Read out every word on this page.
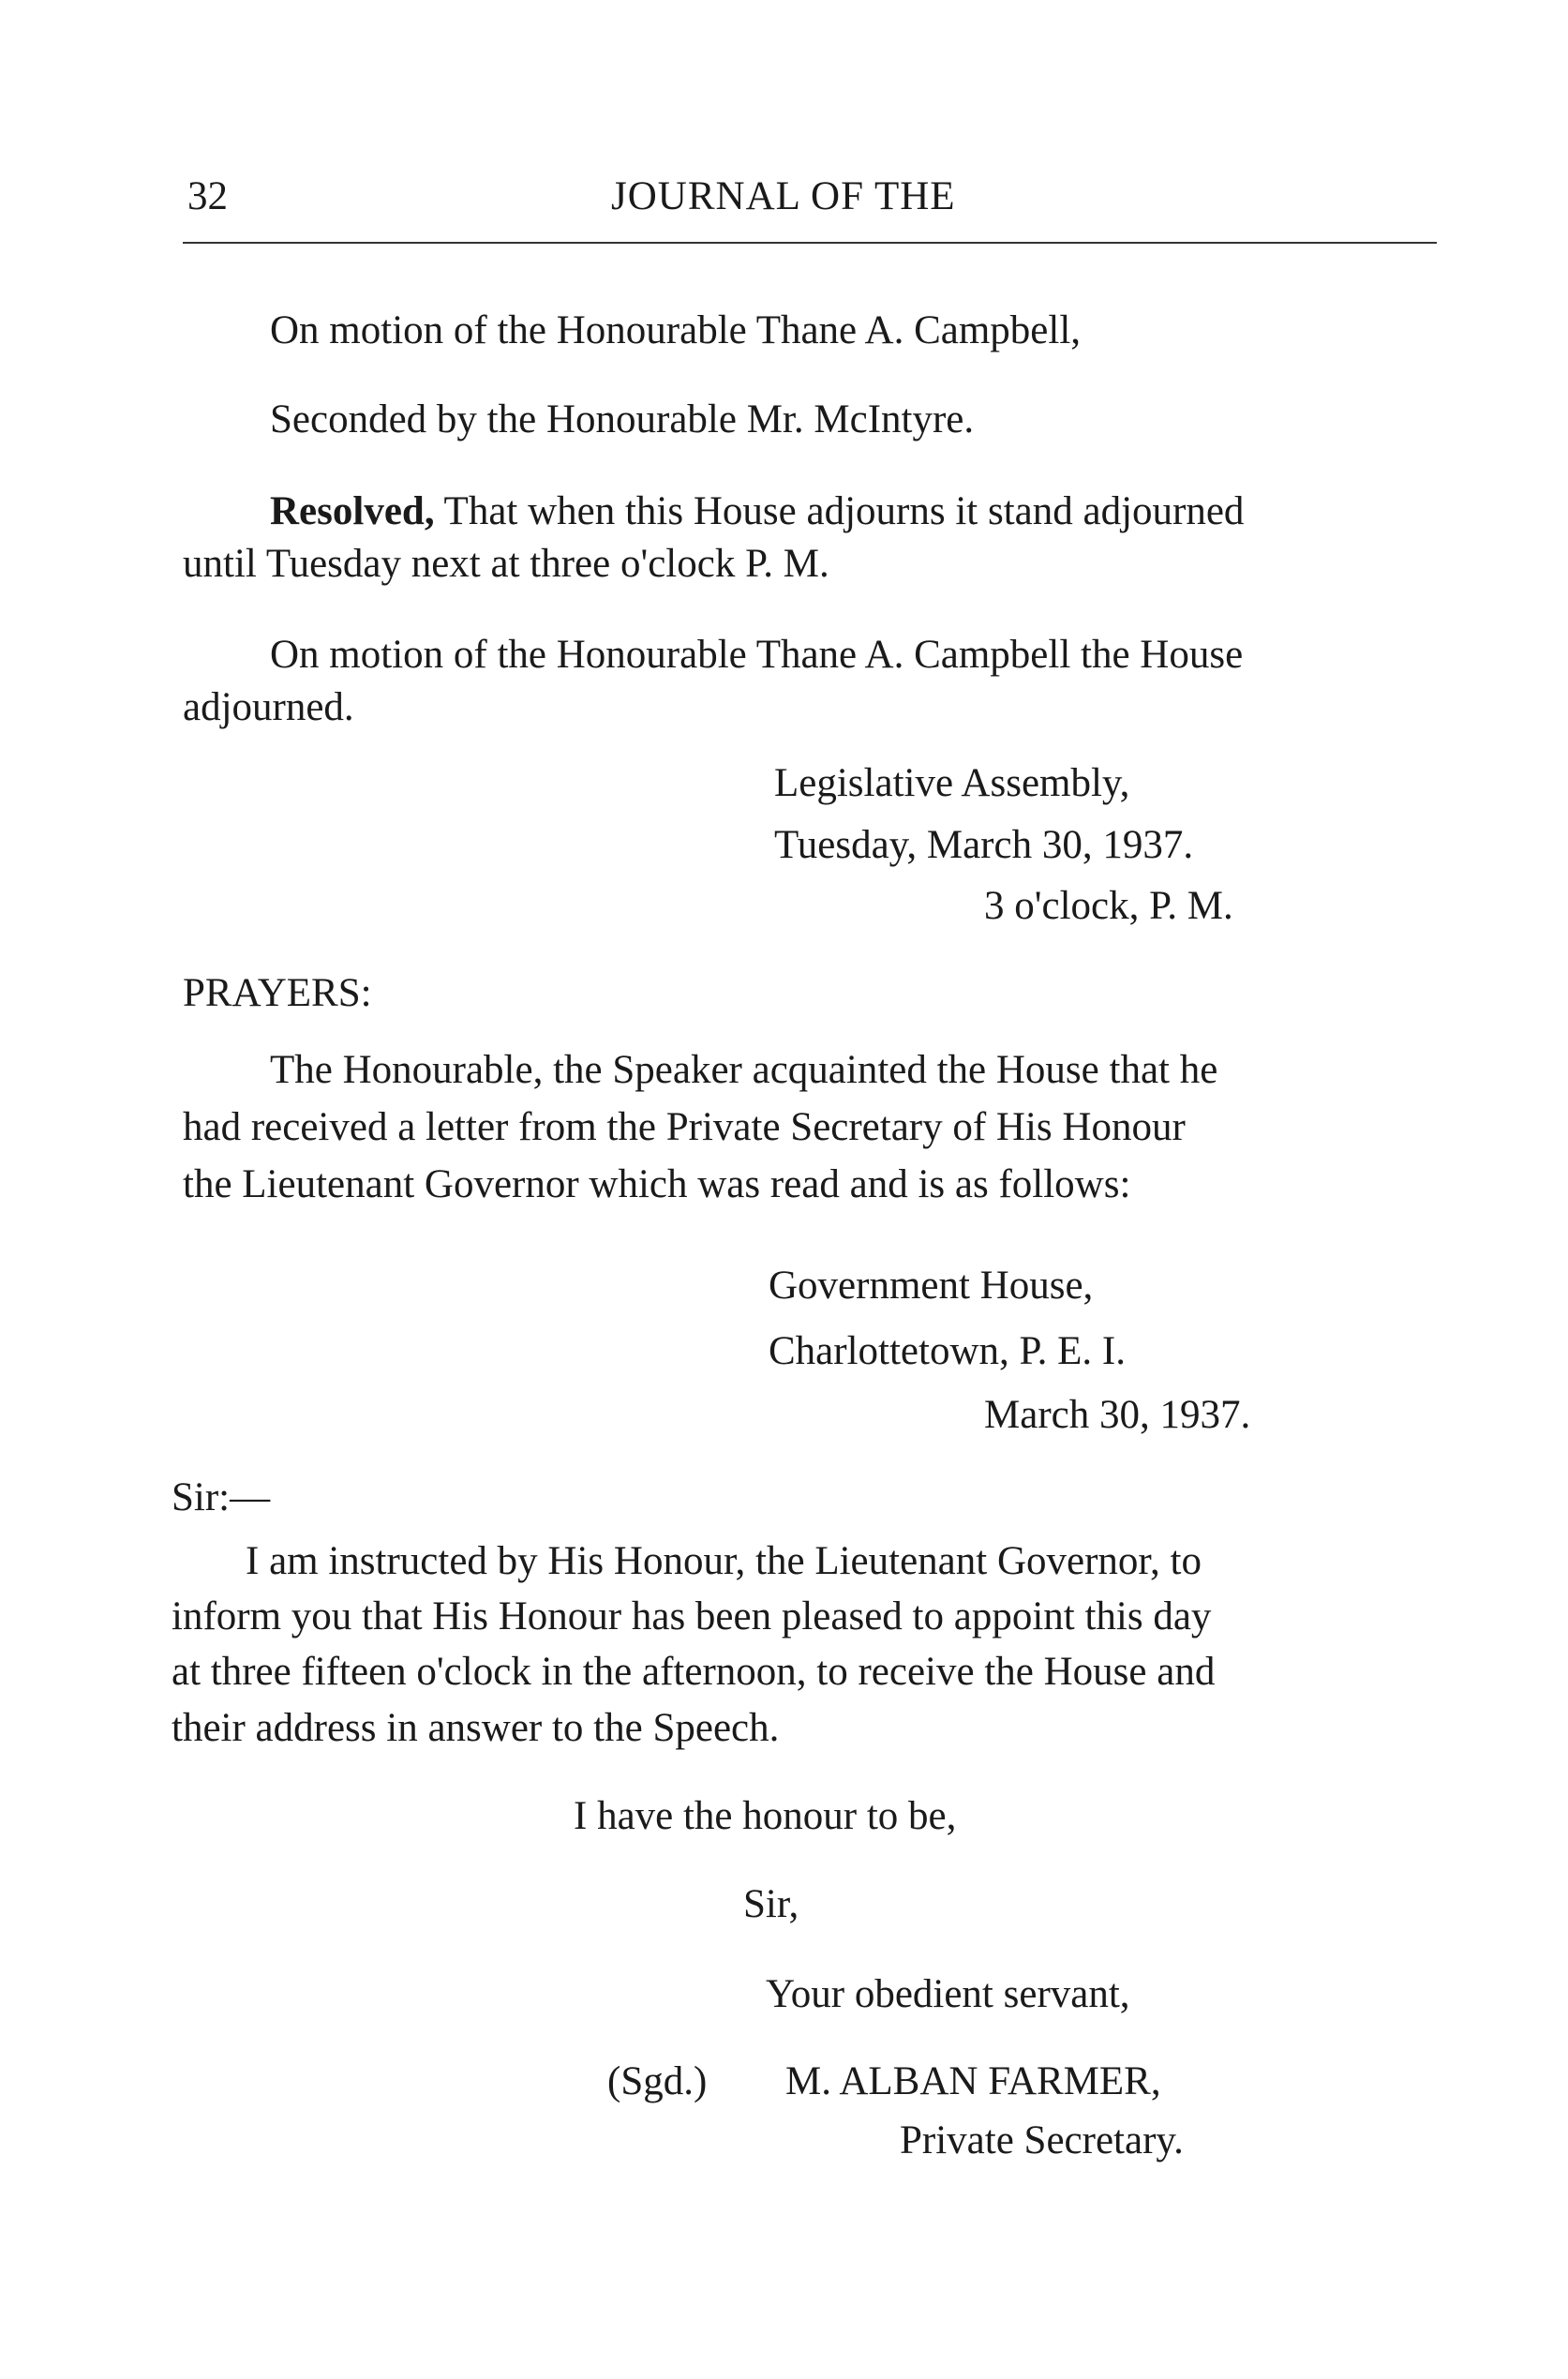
32	JOURNAL OF THE
On motion of the Honourable Thane A. Campbell,
Seconded by the Honourable Mr. McIntyre.
Resolved, That when this House adjourns it stand adjourned
until Tuesday next at three o'clock P. M.
On motion of the Honourable Thane A. Campbell the House
adjourned.
Legislative Assembly,
Tuesday, March 30, 1937.
3 o'clock, P. M.
PRAYERS:
The Honourable, the Speaker acquainted the House that he
had received a letter from the Private Secretary of His Honour
the Lieutenant Governor which was read and is as follows:
Government House,
Charlottetown, P. E. I.
March 30, 1937.
Sir:—
I am instructed by His Honour, the Lieutenant Governor, to
inform you that His Honour has been pleased to appoint this day
at three fifteen o'clock in the afternoon, to receive the House and
their address in answer to the Speech.
I have the honour to be,
Sir,
Your obedient servant,
(Sgd.) M. ALBAN FARMER,
Private Secretary.
